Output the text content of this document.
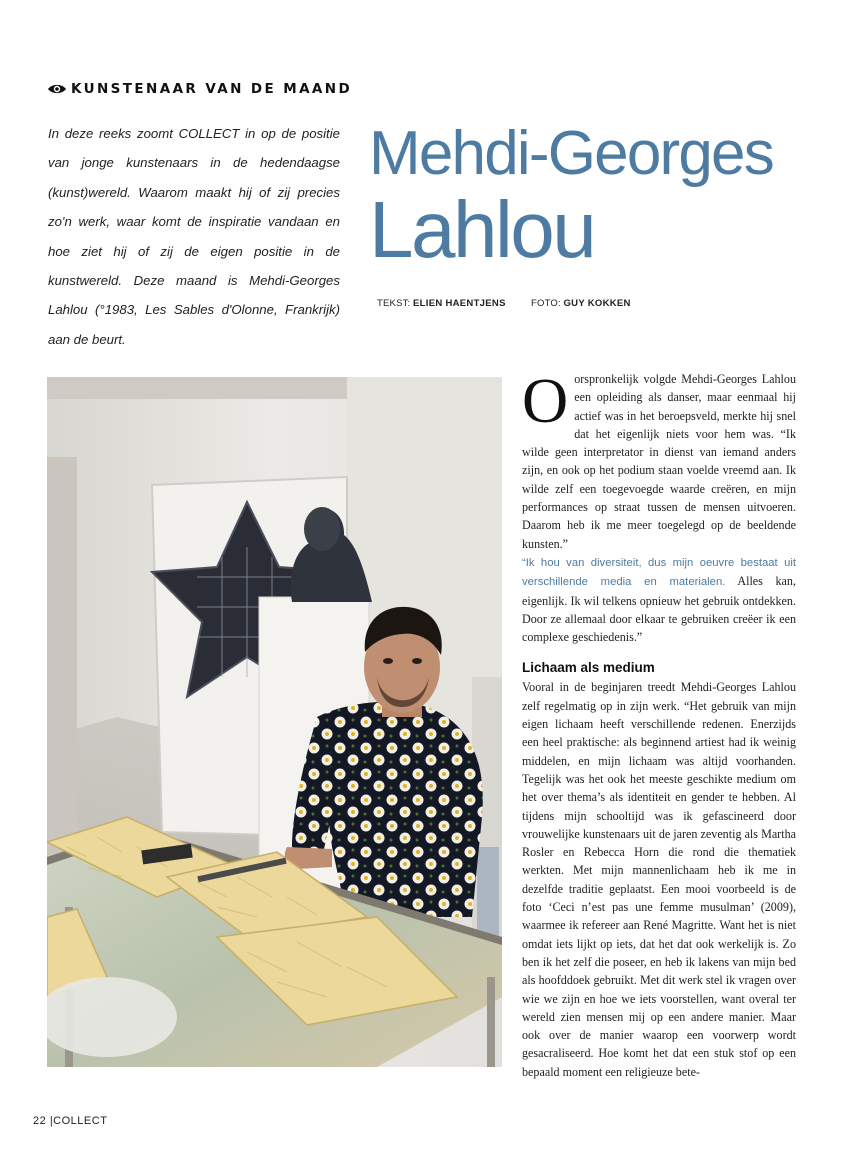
KUNSTENAAR VAN DE MAAND

In deze reeks zoomt COLLECT in op de positie van jonge kunstenaars in de hedendaagse (kunst)wereld. Waarom maakt hij of zij precies zo'n werk, waar komt de inspiratie vandaan en hoe ziet hij of zij de eigen positie in de kunstwereld. Deze maand is Mehdi-Georges Lahlou (°1983, Les Sables d'Olonne, Frankrijk) aan de beurt.

Mehdi-Georges
Lahlou
TEKST: ELIEN HAENTJENS	FOTO: GUY KOKKEN

Oorspronkelijk volgde Mehdi-Georges Lahlou een opleiding als danser, maar eenmaal hij actief was in het beroepsveld, merkte hij snel dat het eigenlijk niets voor hem was. “Ik wilde geen interpretator in dienst van iemand anders zijn, en ook op het podium staan voelde vreemd aan. Ik wilde zelf een toegevoegde waarde creëren, en mijn performances op straat tussen de mensen uitvoeren. Daarom heb ik me meer toegelegd op de beeldende kunsten.”

“Ik hou van diversiteit, dus mijn oeuvre bestaat uit verschillende media en materialen. Alles kan, eigenlijk. Ik wil telkens opnieuw het gebruik ontdekken. Door ze allemaal door elkaar te gebruiken creëer ik een complexe geschiedenis.”

Lichaam als medium

Vooral in de beginjaren treedt Mehdi-Georges Lahlou zelf regelmatig op in zijn werk. “Het gebruik van mijn eigen lichaam heeft verschillende redenen. Enerzijds een heel praktische: als beginnend artiest had ik weinig middelen, en mijn lichaam was altijd voorhanden. Tegelijk was het ook het meeste geschikte medium om het over thema’s als identiteit en gender te hebben. Al tijdens mijn schooltijd was ik gefascineerd door vrouwelijke kunstenaars uit de jaren zeventig als Martha Rosler en Rebecca Horn die rond die thematiek werkten. Met mijn mannenlichaam heb ik me in dezelfde traditie geplaatst. Een mooi voorbeeld is de foto ‘Ceci n’est pas une femme musulman’ (2009), waarmee ik refereer aan René Magritte. Want het is niet omdat iets lijkt op iets, dat het dat ook werkelijk is. Zo ben ik het zelf die poseer, en heb ik lakens van mijn bed als hoofddoek gebruikt. Met dit werk stel ik vragen over wie we zijn en hoe we iets voorstellen, want overal ter wereld zien mensen mij op een andere manier. Maar ook over de manier waarop een voorwerp wordt gesacraliseerd. Hoe komt het dat een stuk stof op een bepaald moment een religieuze bete-

22 |COLLECT
